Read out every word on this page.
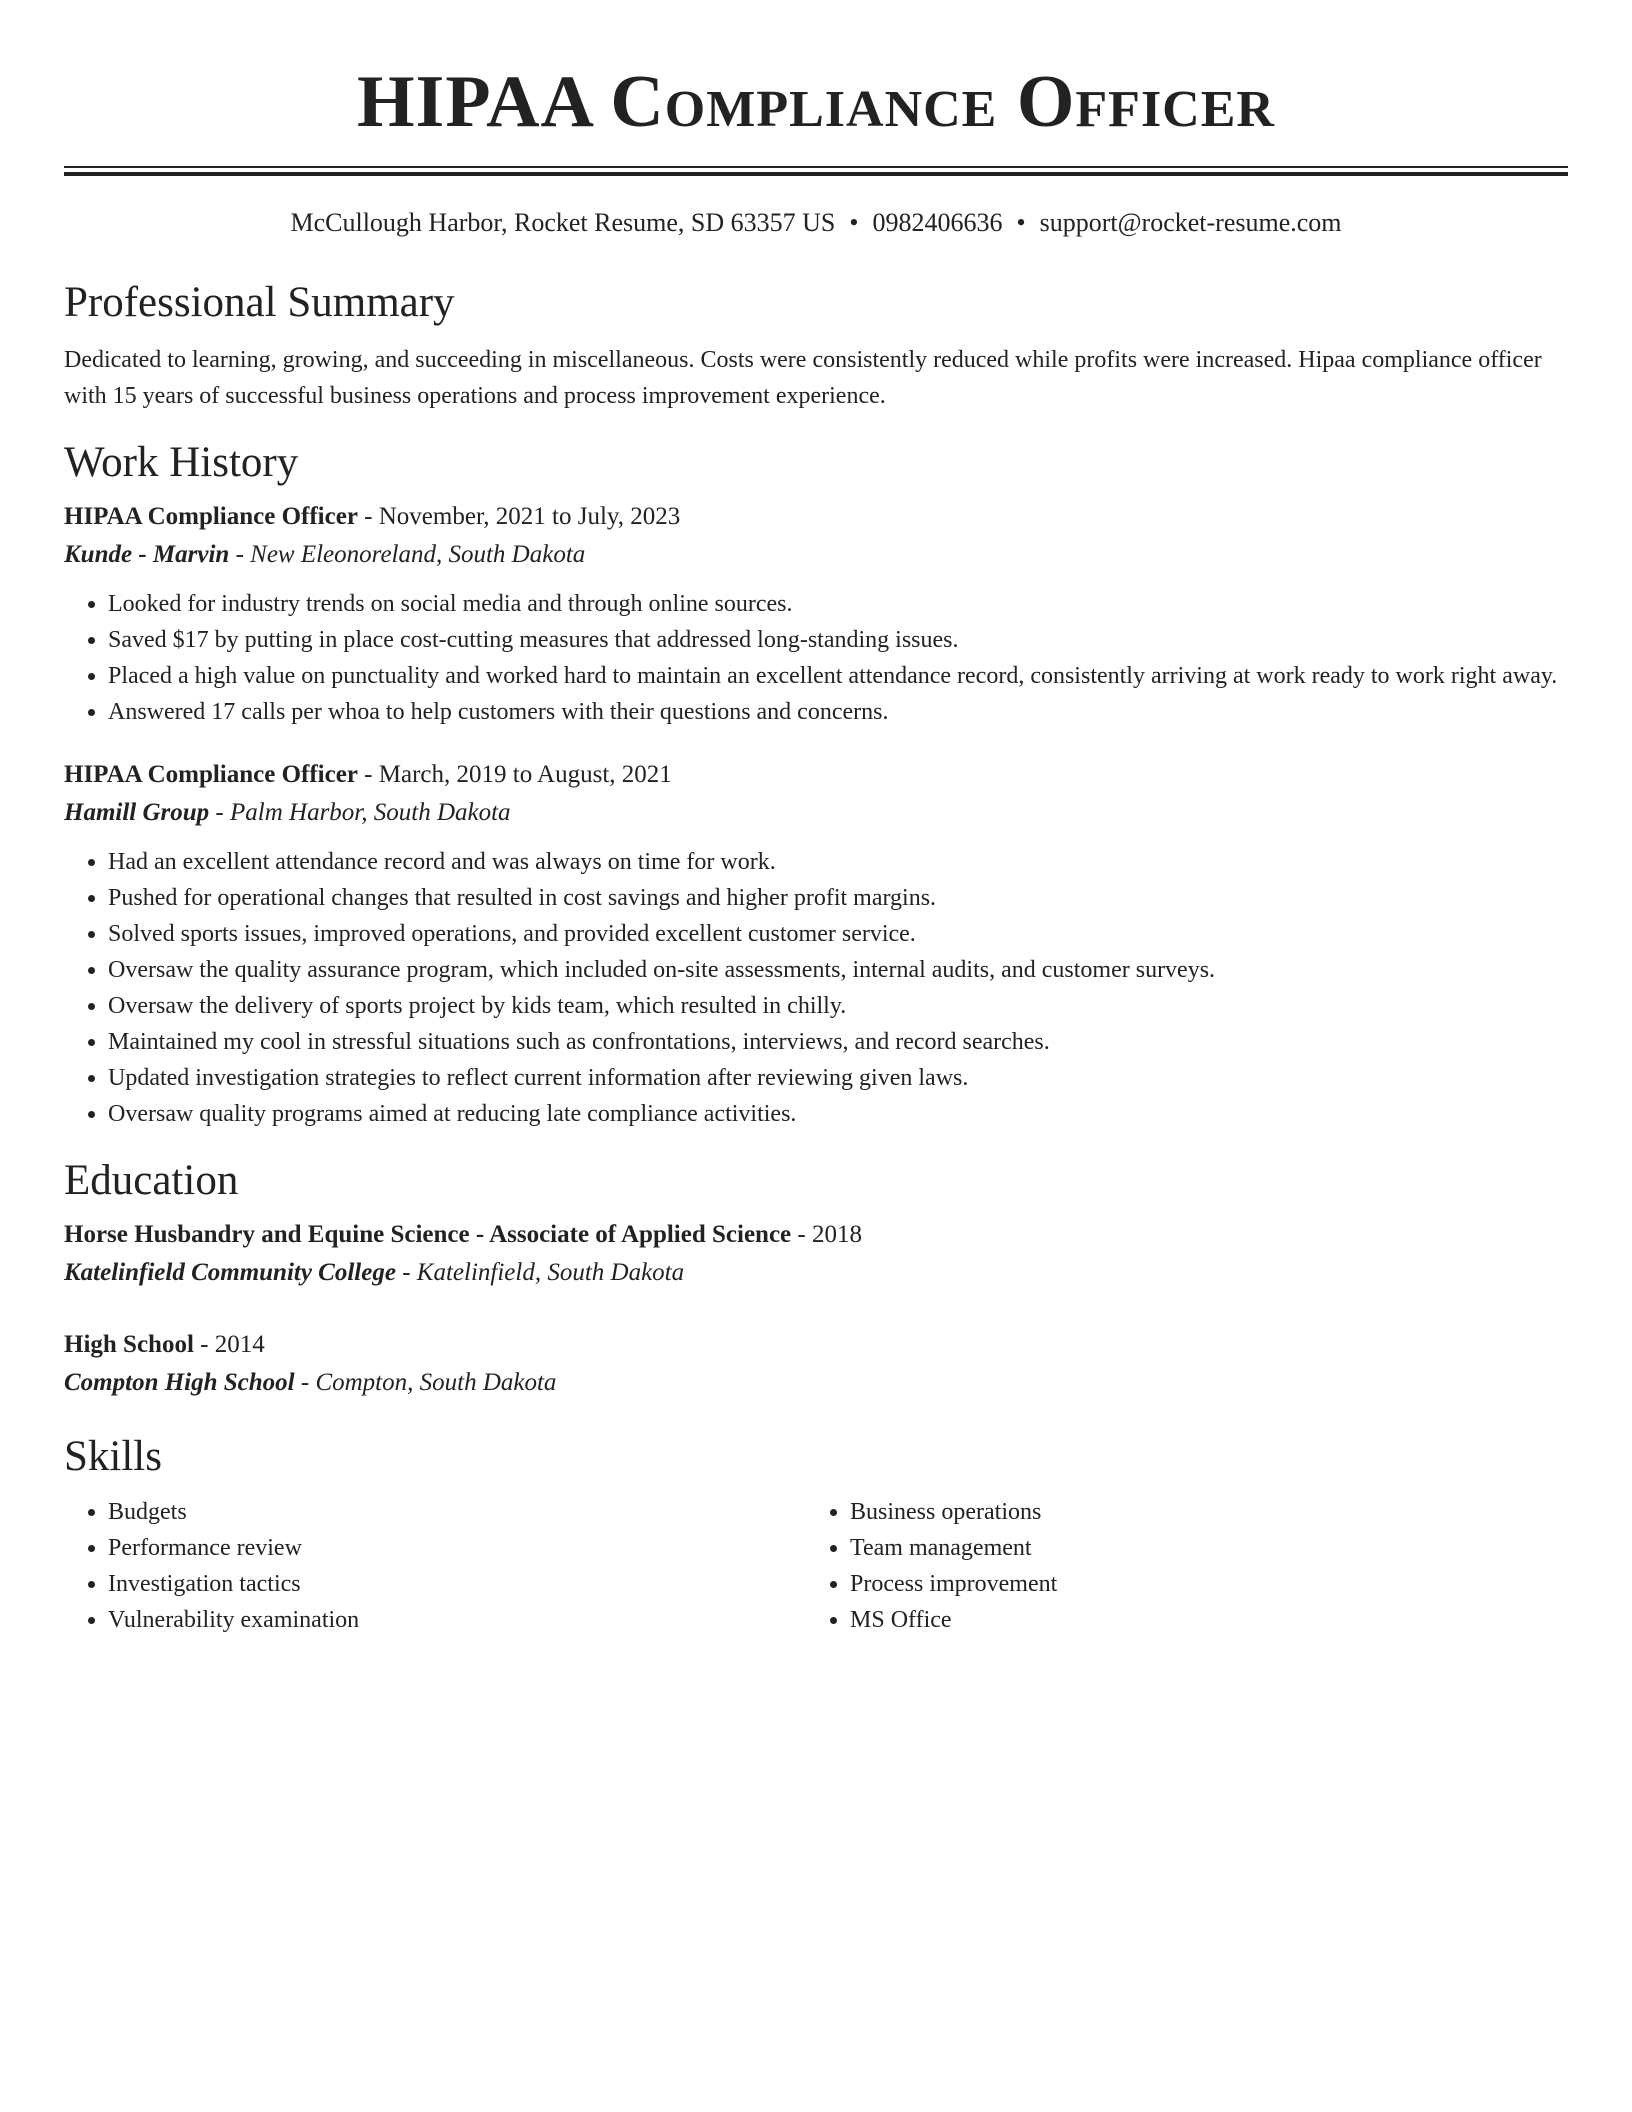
HIPAA Compliance Officer
McCullough Harbor, Rocket Resume, SD 63357 US • 0982406636 • support@rocket-resume.com
Professional Summary
Dedicated to learning, growing, and succeeding in miscellaneous. Costs were consistently reduced while profits were increased. Hipaa compliance officer with 15 years of successful business operations and process improvement experience.
Work History
HIPAA Compliance Officer - November, 2021 to July, 2023
Kunde - Marvin - New Eleonoreland, South Dakota
• Looked for industry trends on social media and through online sources.
• Saved $17 by putting in place cost-cutting measures that addressed long-standing issues.
• Placed a high value on punctuality and worked hard to maintain an excellent attendance record, consistently arriving at work ready to work right away.
• Answered 17 calls per whoa to help customers with their questions and concerns.
HIPAA Compliance Officer - March, 2019 to August, 2021
Hamill Group - Palm Harbor, South Dakota
• Had an excellent attendance record and was always on time for work.
• Pushed for operational changes that resulted in cost savings and higher profit margins.
• Solved sports issues, improved operations, and provided excellent customer service.
• Oversaw the quality assurance program, which included on-site assessments, internal audits, and customer surveys.
• Oversaw the delivery of sports project by kids team, which resulted in chilly.
• Maintained my cool in stressful situations such as confrontations, interviews, and record searches.
• Updated investigation strategies to reflect current information after reviewing given laws.
• Oversaw quality programs aimed at reducing late compliance activities.
Education
Horse Husbandry and Equine Science - Associate of Applied Science - 2018
Katelinfield Community College - Katelinfield, South Dakota
High School - 2014
Compton High School - Compton, South Dakota
Skills
• Budgets
• Performance review
• Investigation tactics
• Vulnerability examination
• Business operations
• Team management
• Process improvement
• MS Office
